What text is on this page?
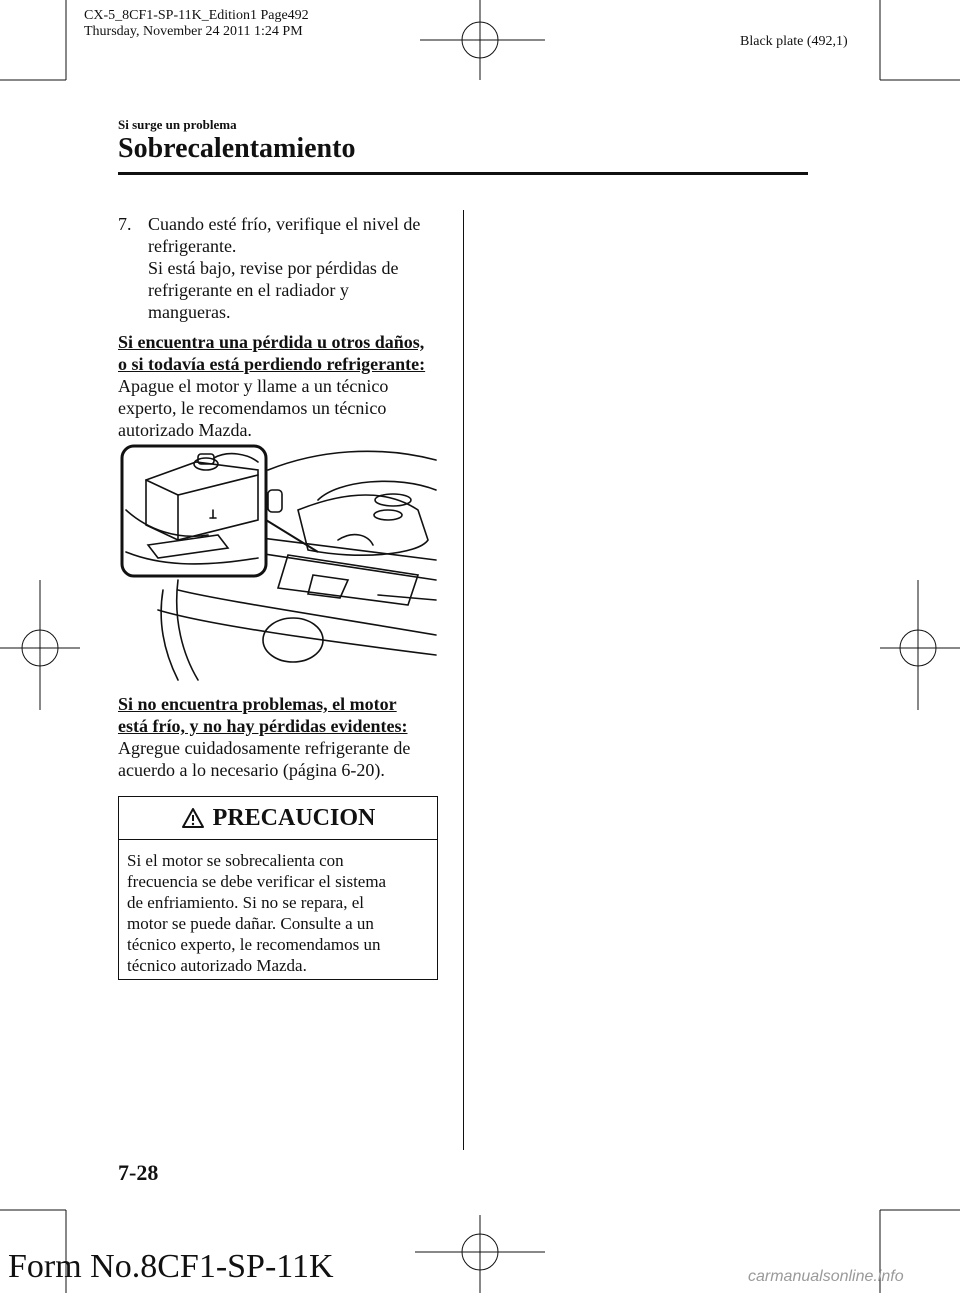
CX-5_8CF1-SP-11K_Edition1 Page492
Thursday, November 24 2011 1:24 PM
Black plate (492,1)
Si surge un problema
Sobrecalentamiento
7. Cuando esté frío, verifique el nivel de
refrigerante.
Si está bajo, revise por pérdidas de
refrigerante en el radiador y
mangueras.
Si encuentra una pérdida u otros daños,
o si todavía está perdiendo refrigerante:
Apague el motor y llame a un técnico
experto, le recomendamos un técnico
autorizado Mazda.
Si no encuentra problemas, el motor
está frío, y no hay pérdidas evidentes:
Agregue cuidadosamente refrigerante de
acuerdo a lo necesario (página 6-20).
PRECAUCION
Si el motor se sobrecalienta con
frecuencia se debe verificar el sistema
de enfriamiento. Si no se repara, el
motor se puede dañar. Consulte a un
técnico experto, le recomendamos un
técnico autorizado Mazda.
7-28
Form No.8CF1-SP-11K	carmanualsonline.info
